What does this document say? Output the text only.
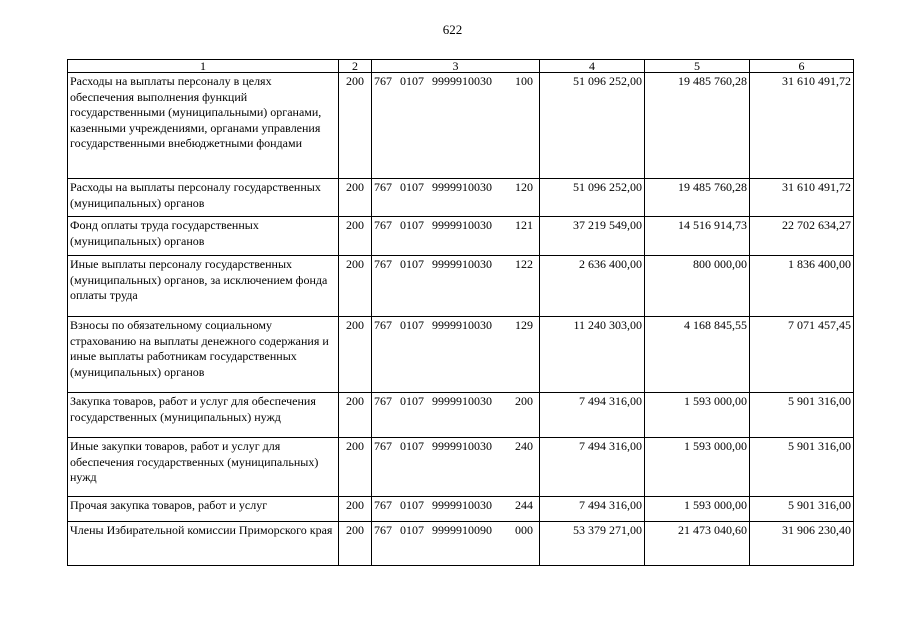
622
1	2	3	4	5	6
Расходы на выплаты персоналу в целях обеспечения выполнения функций государственными (муниципальными) органами, казенными учреждениями, органами управления государственными внебюджетными фондами	200	767 0107 9999910030 100	51 096 252,00	19 485 760,28	31 610 491,72
Расходы на выплаты персоналу государственных (муниципальных) органов	200	767 0107 9999910030 120	51 096 252,00	19 485 760,28	31 610 491,72
Фонд оплаты труда государственных (муниципальных) органов	200	767 0107 9999910030 121	37 219 549,00	14 516 914,73	22 702 634,27
Иные выплаты персоналу государственных (муниципальных) органов, за исключением фонда оплаты труда	200	767 0107 9999910030 122	2 636 400,00	800 000,00	1 836 400,00
Взносы по обязательному социальному страхованию на выплаты денежного содержания и иные выплаты работникам государственных (муниципальных) органов	200	767 0107 9999910030 129	11 240 303,00	4 168 845,55	7 071 457,45
Закупка товаров, работ и услуг для обеспечения государственных (муниципальных) нужд	200	767 0107 9999910030 200	7 494 316,00	1 593 000,00	5 901 316,00
Иные закупки товаров, работ и услуг для обеспечения государственных (муниципальных) нужд	200	767 0107 9999910030 240	7 494 316,00	1 593 000,00	5 901 316,00
Прочая закупка товаров, работ и услуг	200	767 0107 9999910030 244	7 494 316,00	1 593 000,00	5 901 316,00
Члены Избирательной комиссии Приморского края	200	767 0107 9999910090 000	53 379 271,00	21 473 040,60	31 906 230,40
